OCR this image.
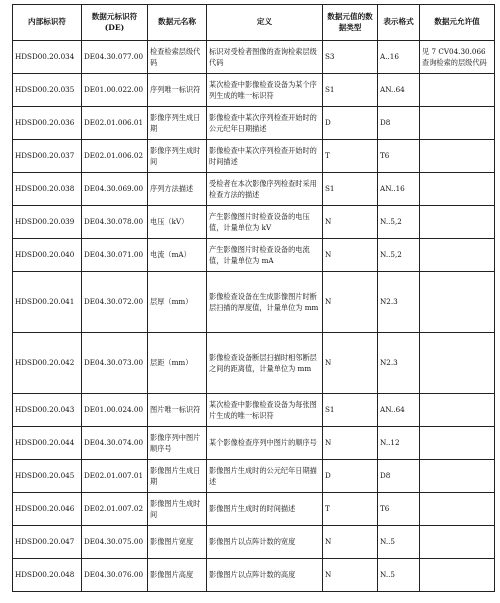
内部标识符	数据元标识符 (DE)	数据元名称	定义	数据元值的数据类型	表示格式	数据元允许值
HDSD00.20.034	DE04.30.077.00	检查检索层级代码	标识对受检者图像的查询检索层级代码	S3	A..16	见 7 CV04.30.066查询检索的层级代码
HDSD00.20.035	DE01.00.022.00	序列唯一标识符	某次检查中影像检查设备为某个序列生成的唯一标识符	S1	AN..64	
HDSD00.20.036	DE02.01.006.01	影像序列生成日期	影像检查中某次序列检查开始时的公元纪年日期描述	D	D8	
HDSD00.20.037	DE02.01.006.02	影像序列生成时间	影像检查中某次序列检查开始时的时间描述	T	T6	
HDSD00.20.038	DE04.30.069.00	序列方法描述	受检者在本次影像序列检查时采用检查方法的描述	S1	AN..16	
HDSD00.20.039	DE04.30.078.00	电压（kV）	产生影像图片时检查设备的电压值，计量单位为 kV	N	N..5,2	
HDSD00.20.040	DE04.30.071.00	电流（mA）	产生影像图片时检查设备的电流值，计量单位为 mA	N	N..5,2	
HDSD00.20.041	DE04.30.072.00	层厚（mm）	影像检查设备在生成影像图片时断层扫描的厚度值，计量单位为 mm	N	N2.3	
HDSD00.20.042	DE04.30.073.00	层距（mm）	影像检查设备断层扫描时相邻断层之间的距离值，计量单位为 mm	N	N2.3	
HDSD00.20.043	DE01.00.024.00	图片唯一标识符	某次检查中影像检查设备为每张图片生成的唯一标识符	S1	AN..64	
HDSD00.20.044	DE04.30.074.00	影像序列中图片顺序号	某个影像检查序列中图片的顺序号	N	N..12	
HDSD00.20.045	DE02.01.007.01	影像图片生成日期	影像图片生成时的公元纪年日期描述	D	D8	
HDSD00.20.046	DE02.01.007.02	影像图片生成时间	影像图片生成时的时间描述	T	T6	
HDSD00.20.047	DE04.30.075.00	影像图片宽度	影像图片以点阵计数的宽度	N	N..5	
HDSD00.20.048	DE04.30.076.00	影像图片高度	影像图片以点阵计数的高度	N	N..5	
